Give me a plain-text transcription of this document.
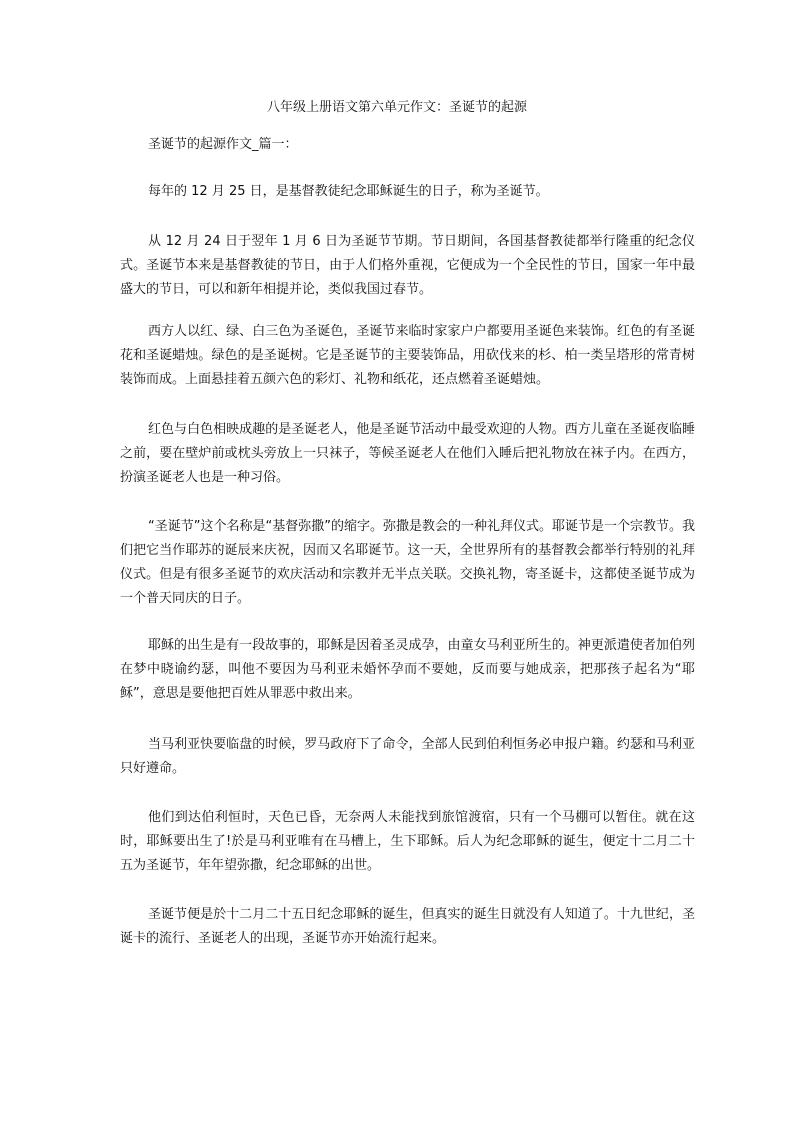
八年级上册语文第六单元作文：圣诞节的起源
圣诞节的起源作文_篇一：

每年的 12 月 25 日，是基督教徒纪念耶稣诞生的日子，称为圣诞节。

从 12 月 24 日于翌年 1 月 6 日为圣诞节节期。节日期间，各国基督教徒都举行隆重的纪念仪式。圣诞节本来是基督教徒的节日，由于人们格外重视，它便成为一个全民性的节日，国家一年中最盛大的节日，可以和新年相提并论，类似我国过春节。

西方人以红、绿、白三色为圣诞色，圣诞节来临时家家户户都要用圣诞色来装饰。红色的有圣诞花和圣诞蜡烛。绿色的是圣诞树。它是圣诞节的主要装饰品，用砍伐来的杉、柏一类呈塔形的常青树装饰而成。上面悬挂着五颜六色的彩灯、礼物和纸花，还点燃着圣诞蜡烛。

红色与白色相映成趣的是圣诞老人，他是圣诞节活动中最受欢迎的人物。西方儿童在圣诞夜临睡之前，要在壁炉前或枕头旁放上一只袜子，等候圣诞老人在他们入睡后把礼物放在袜子内。在西方，扮演圣诞老人也是一种习俗。

“圣诞节”这个名称是“基督弥撒”的缩字。弥撒是教会的一种礼拜仪式。耶诞节是一个宗教节。我们把它当作耶苏的诞辰来庆祝，因而又名耶诞节。这一天，全世界所有的基督教会都举行特别的礼拜仪式。但是有很多圣诞节的欢庆活动和宗教并无半点关联。交换礼物，寄圣诞卡，这都使圣诞节成为一个普天同庆的日子。

耶稣的出生是有一段故事的，耶稣是因着圣灵成孕，由童女马利亚所生的。神更派遣使者加伯列在梦中晓谕约瑟，叫他不要因为马利亚未婚怀孕而不要她，反而要与她成亲，把那孩子起名为“耶稣”，意思是要他把百姓从罪恶中救出来。

当马利亚快要临盘的时候，罗马政府下了命令，全部人民到伯利恒务必申报户籍。约瑟和马利亚只好遵命。

他们到达伯利恒时，天色已昏，无奈两人未能找到旅馆渡宿，只有一个马棚可以暂住。就在这时，耶稣要出生了!於是马利亚唯有在马槽上，生下耶稣。后人为纪念耶稣的诞生，便定十二月二十五为圣诞节，年年望弥撒，纪念耶稣的出世。

圣诞节便是於十二月二十五日纪念耶稣的诞生，但真实的诞生日就没有人知道了。十九世纪，圣诞卡的流行、圣诞老人的出现，圣诞节亦开始流行起来。
